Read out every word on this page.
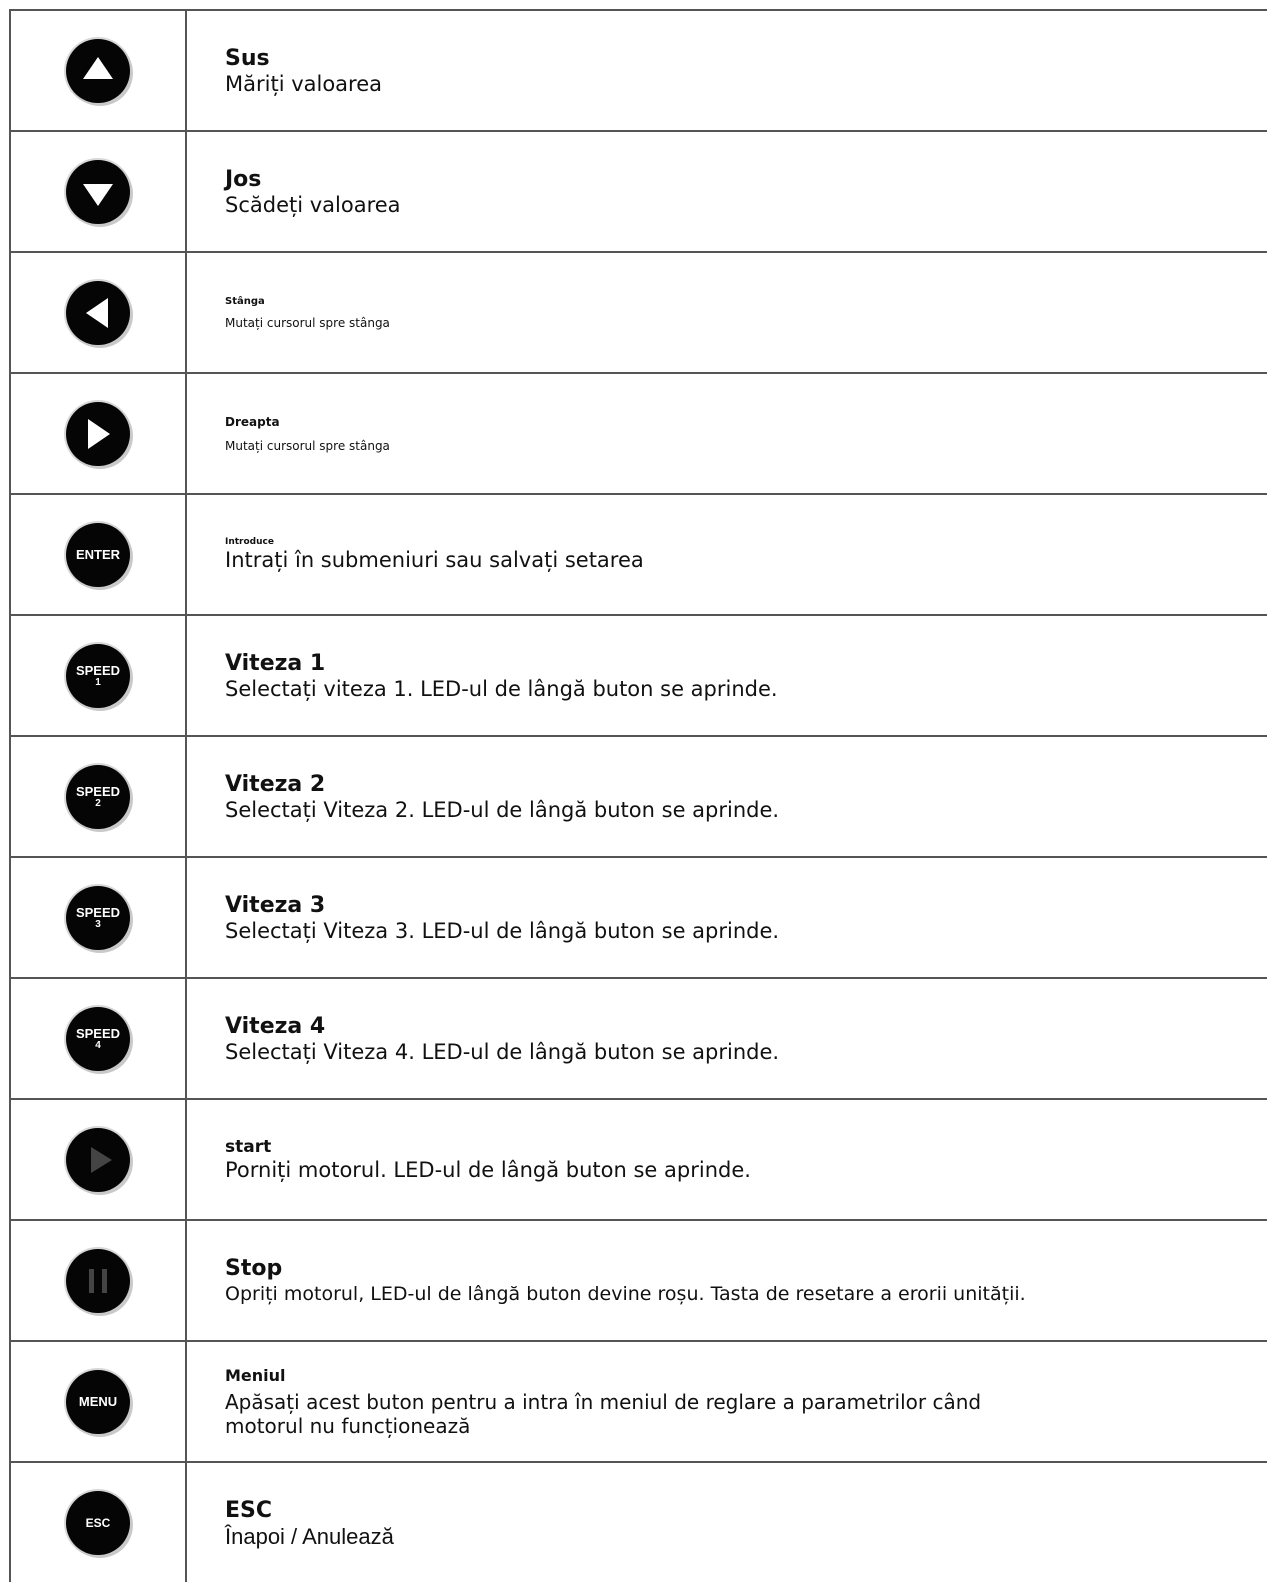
Sus
Măriți valoarea

Jos
Scădeți valoarea

Stânga
Mutați cursorul spre stânga

Dreapta
Mutați cursorul spre stânga

ENTER	Introduce
Intrați în submeniuri sau salvați setarea

SPEED
1	Viteza 1
Selectați viteza 1. LED-ul de lângă buton se aprinde.

SPEED
2	Viteza 2
Selectați Viteza 2. LED-ul de lângă buton se aprinde.

SPEED
3	Viteza 3
Selectați Viteza 3. LED-ul de lângă buton se aprinde.

SPEED
4	Viteza 4
Selectați Viteza 4. LED-ul de lângă buton se aprinde.

start
Porniți motorul. LED-ul de lângă buton se aprinde.

Stop
Opriți motorul, LED-ul de lângă buton devine roșu. Tasta de resetare a erorii unității.

MENU	Meniul
Apăsați acest buton pentru a intra în meniul de reglare a parametrilor când motorul nu funcționează

ESC	ESC
Înapoi / Anulează
